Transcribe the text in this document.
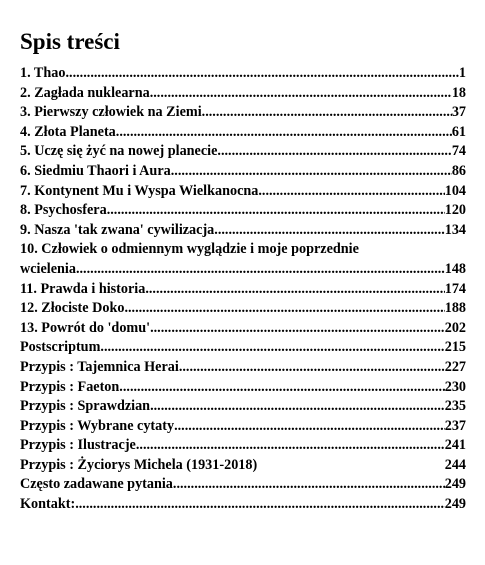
Spis treści
1. Thao .....	1
2. Zagłada nuklearna .....	18
3. Pierwszy człowiek na Ziemi .....	37
4. Złota Planeta .....	61
5. Uczę się żyć na nowej planecie .....	74
6. Siedmiu Thaori i Aura .....	86
7. Kontynent Mu i Wyspa Wielkanocna .....	104
8. Psychosfera .....	120
9. Nasza 'tak zwana' cywilizacja .....	134
10. Człowiek o odmiennym wyglądzie i moje poprzednie
wcielenia .....	148
11. Prawda i historia .....	174
12. Złociste Doko .....	188
13. Powrót do 'domu' .....	202
Postscriptum .....	215
Przypis : Tajemnica Herai .....	227
Przypis : Faeton .....	230
Przypis : Sprawdzian .....	235
Przypis : Wybrane cytaty .....	237
Przypis : Ilustracje .....	241
Przypis : Życiorys Michela (1931-2018)	244
Często zadawane pytania .....	249
Kontakt: .....	249
